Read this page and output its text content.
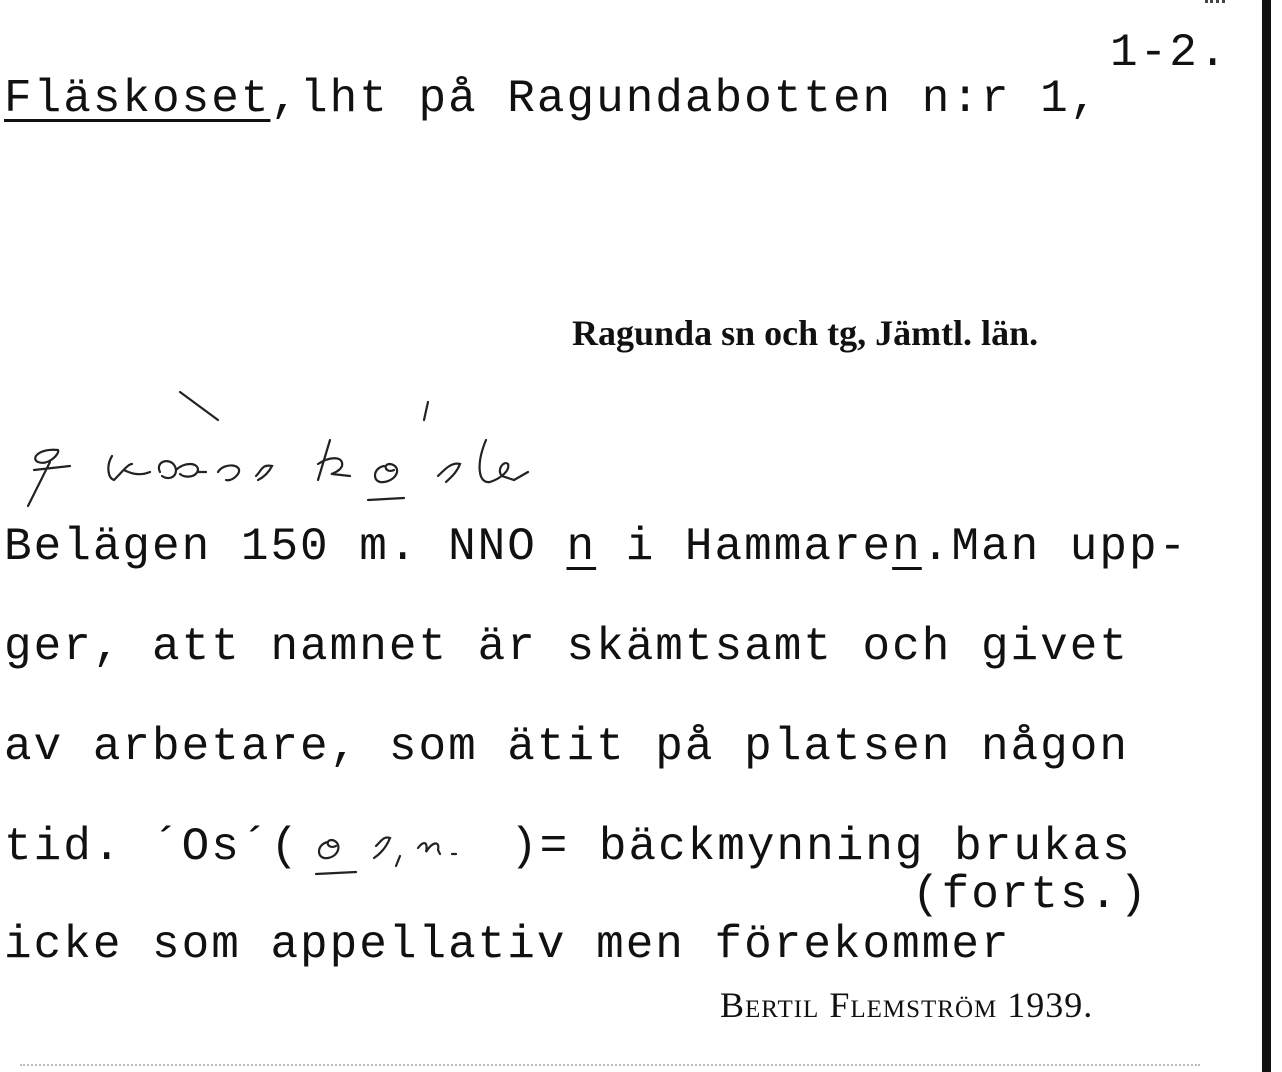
1-2.
Fläskoset,lht på Ragundabotten n:r 1,
Ragunda sn och tg, Jämtl. län.
Belägen 150 m. NNO n i Hammaren.Man upp-
ger, att namnet är skämtsamt och givet
av arbetare, som ätit på platsen någon
tid. ´Os´(	)= bäckmynning brukas
(forts.)
icke som appellativ men förekommer
Bertil Flemström 1939.
